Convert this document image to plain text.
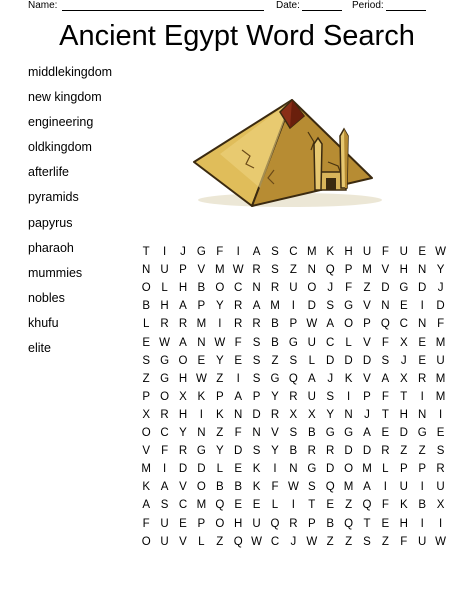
Name:	Date:	Period:
Ancient Egypt Word Search
middlekingdom
new kingdom
engineering
oldkingdom
afterlife
pyramids
papyrus
pharaoh
mummies
nobles
khufu
elite
T	I	J G F	I	A S C M K H U F U E W
N U P V M W R S Z N Q P M V H N Y
O L H B O C N R U O J	F Z D G D J
B H A P Y R A M	I	D S G V N E	I	D
L R R M	I	R R B P W A O P Q C N F
E W A N W F S B G U C L V F X E M
S G O E Y E S Z S L D D D S	J	E U
Z G H W Z	I	S G Q A	J	K V A X R M
P O X K P A P Y R U S	I	P F T	I	M
X R H	I	K N D R X X Y N J	T H N	I
O C Y N Z F N V S B G G A E D G E
V F R G Y D S Y B R R D D R Z Z S
M	I	D D L E K	I	N G D O M L P P R
K A V O B B K F W S Q M A	I	U	I	U
A S C M Q E E L	I	T E Z Q F K B X
F U E P O H U Q R P B Q T E H	I	I
O U V L	Z Q W C J W Z Z S Z F U W
